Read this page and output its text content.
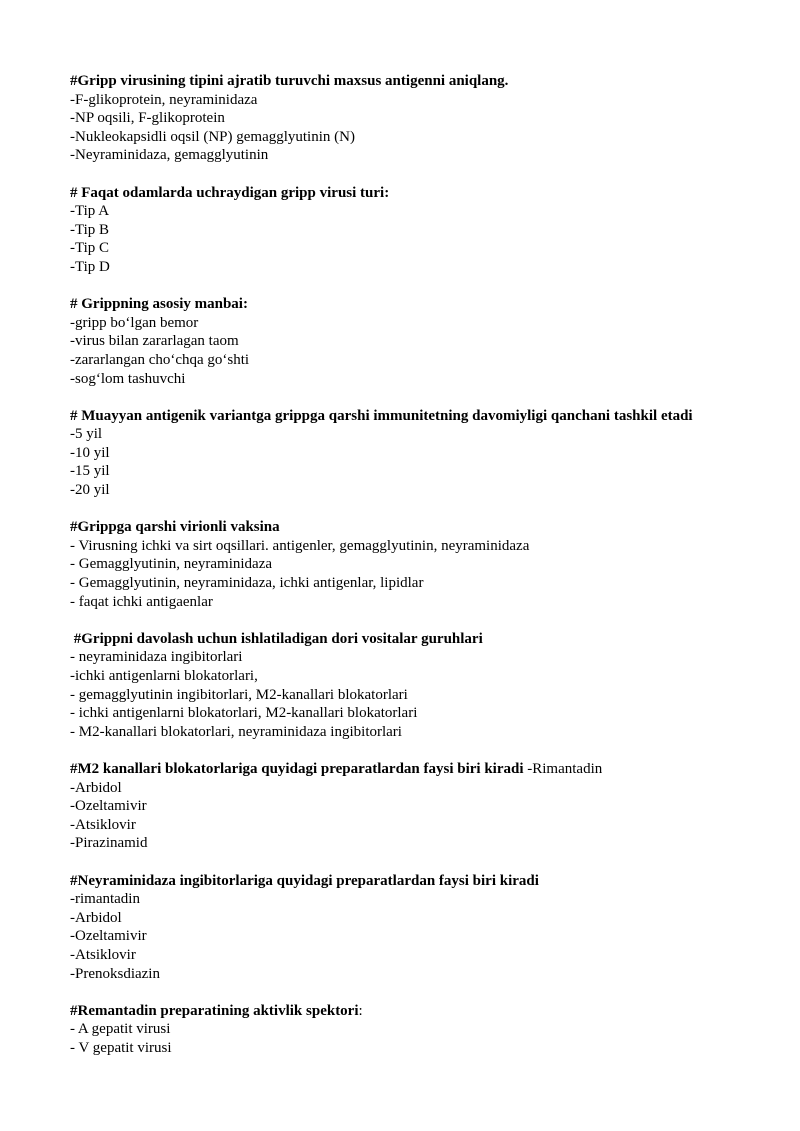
#Gripp virusining tipini ajratib turuvchi maxsus antigenni aniqlang.
-F-glikoprotein, neyraminidaza
-NP oqsili, F-glikoprotein
-Nukleokapsidli oqsil (NP) gemagglyutinin (N)
-Neyraminidaza, gemagglyutinin
# Faqat odamlarda uchraydigan gripp virusi turi:
-Tip A
-Tip B
-Tip C
-Tip D
# Grippning asosiy manbai:
-gripp bo‘lgan bemor
-virus bilan zararlagan taom
-zararlangan cho‘chqa go‘shti
-sog‘lom tashuvchi
# Muayyan antigenik variantga grippga qarshi immunitetning davomiyligi qanchani tashkil etadi
-5 yil
-10 yil
-15 yil
-20 yil
#Grippga qarshi virionli vaksina
- Virusning ichki va sirt oqsillari. antigenler, gemagglyutinin, neyraminidaza
- Gemagglyutinin, neyraminidaza
- Gemagglyutinin, neyraminidaza, ichki antigenlar, lipidlar
- faqat ichki antigaenlar
#Grippni davolash uchun ishlatiladigan dori vositalar guruhlari
- neyraminidaza ingibitorlari
-ichki antigenlarni blokatorlari,
- gemagglyutinin ingibitorlari, M2-kanallari blokatorlari
- ichki antigenlarni blokatorlari, M2-kanallari blokatorlari
- M2-kanallari blokatorlari, neyraminidaza ingibitorlari
#M2 kanallari blokatorlariga quyidagi preparatlardan faysi biri kiradi -Rimantadin
-Arbidol
-Ozeltamivir
-Atsiklovir
-Pirazinamid
#Neyraminidaza ingibitorlariga quyidagi preparatlardan faysi biri kiradi
-rimantadin
-Arbidol
-Ozeltamivir
-Atsiklovir
-Prenoksdiazin
#Remantadin preparatining aktivlik spektori:
- A gepatit virusi
- V gepatit virusi
